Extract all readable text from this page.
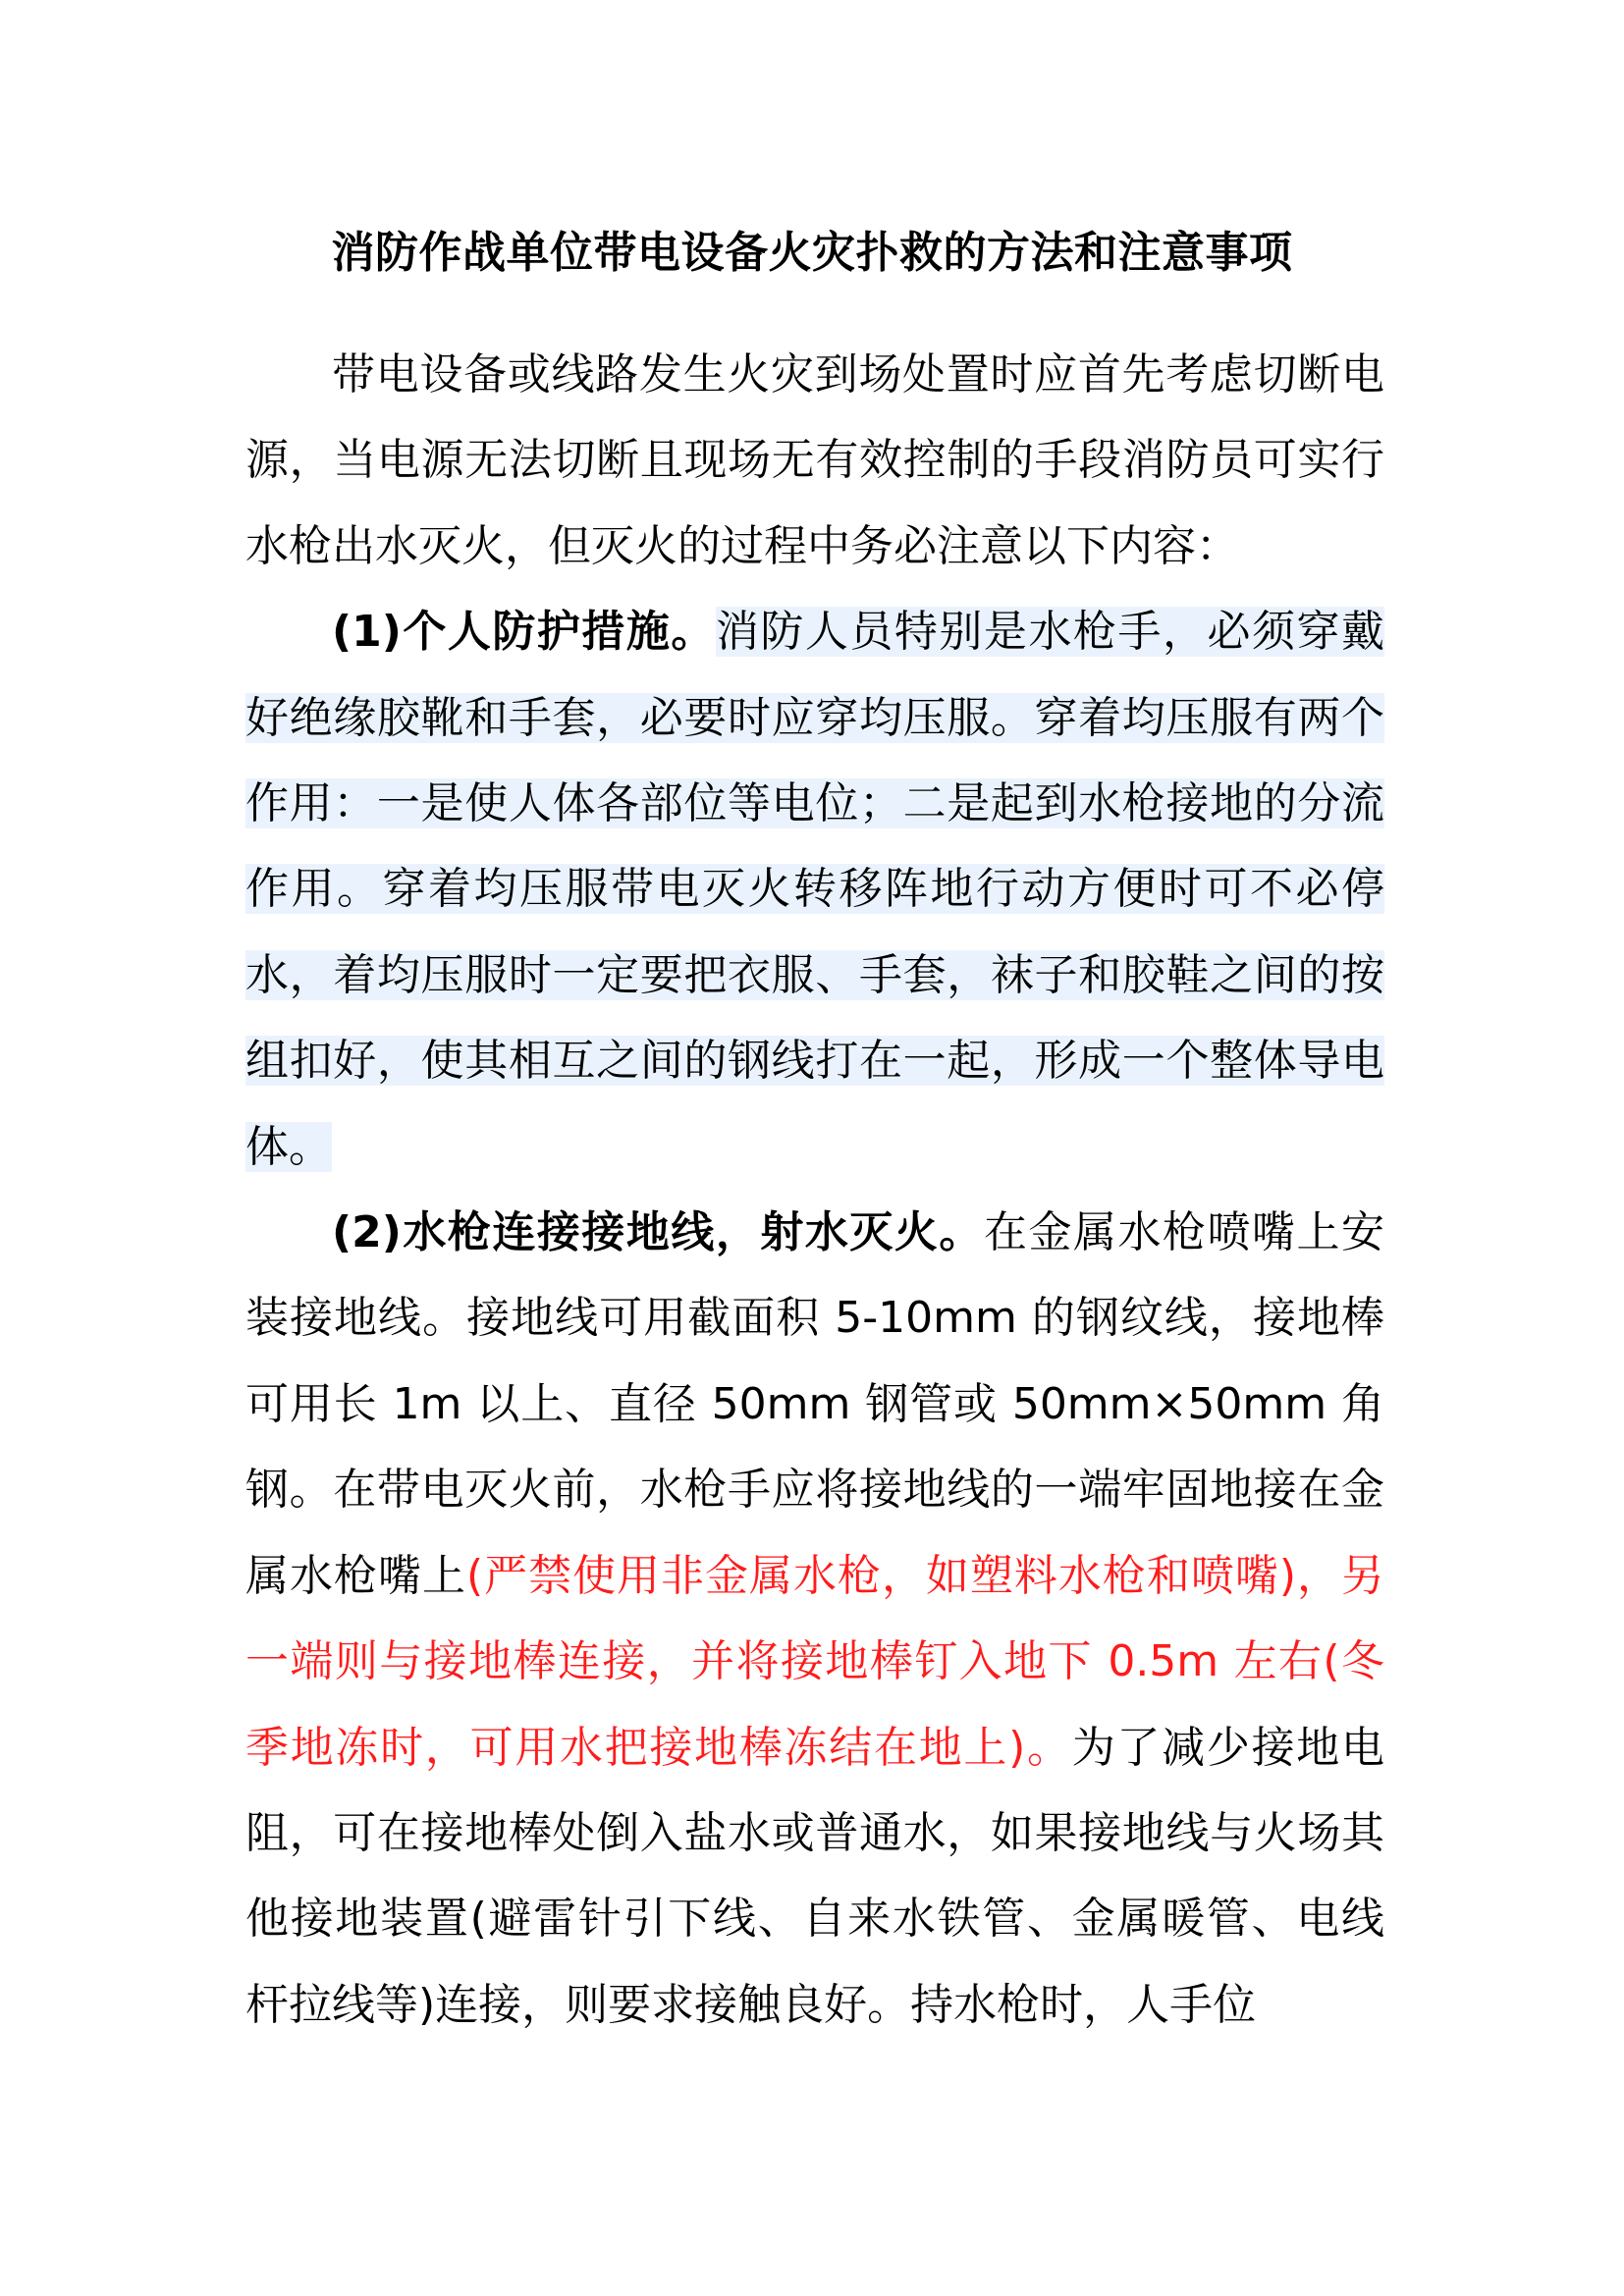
消防作战单位带电设备火灾扑救的方法和注意事项

带电设备或线路发生火灾到场处置时应首先考虑切断电源，当电源无法切断且现场无有效控制的手段消防员可实行水枪出水灭火，但灭火的过程中务必注意以下内容：

(1)个人防护措施。消防人员特别是水枪手，必须穿戴好绝缘胶靴和手套，必要时应穿均压服。穿着均压服有两个作用：一是使人体各部位等电位；二是起到水枪接地的分流作用。穿着均压服带电灭火转移阵地行动方便时可不必停水，着均压服时一定要把衣服、手套，袜子和胶鞋之间的按组扣好，使其相互之间的钢线打在一起，形成一个整体导电体。

(2)水枪连接接地线，射水灭火。在金属水枪喷嘴上安装接地线。接地线可用截面积 5-10mm 的钢纹线，接地棒可用长 1m 以上、直径 50mm 钢管或 50mm×50mm 角钢。在带电灭火前，水枪手应将接地线的一端牢固地接在金属水枪嘴上(严禁使用非金属水枪，如塑料水枪和喷嘴)，另一端则与接地棒连接，并将接地棒钉入地下 0.5m 左右(冬季地冻时，可用水把接地棒冻结在地上)。为了减少接地电阻，可在接地棒处倒入盐水或普通水，如果接地线与火场其他接地装置(避雷针引下线、自来水铁管、金属暖管、电线杆拉线等)连接，则要求接触良好。持水枪时，人手位
